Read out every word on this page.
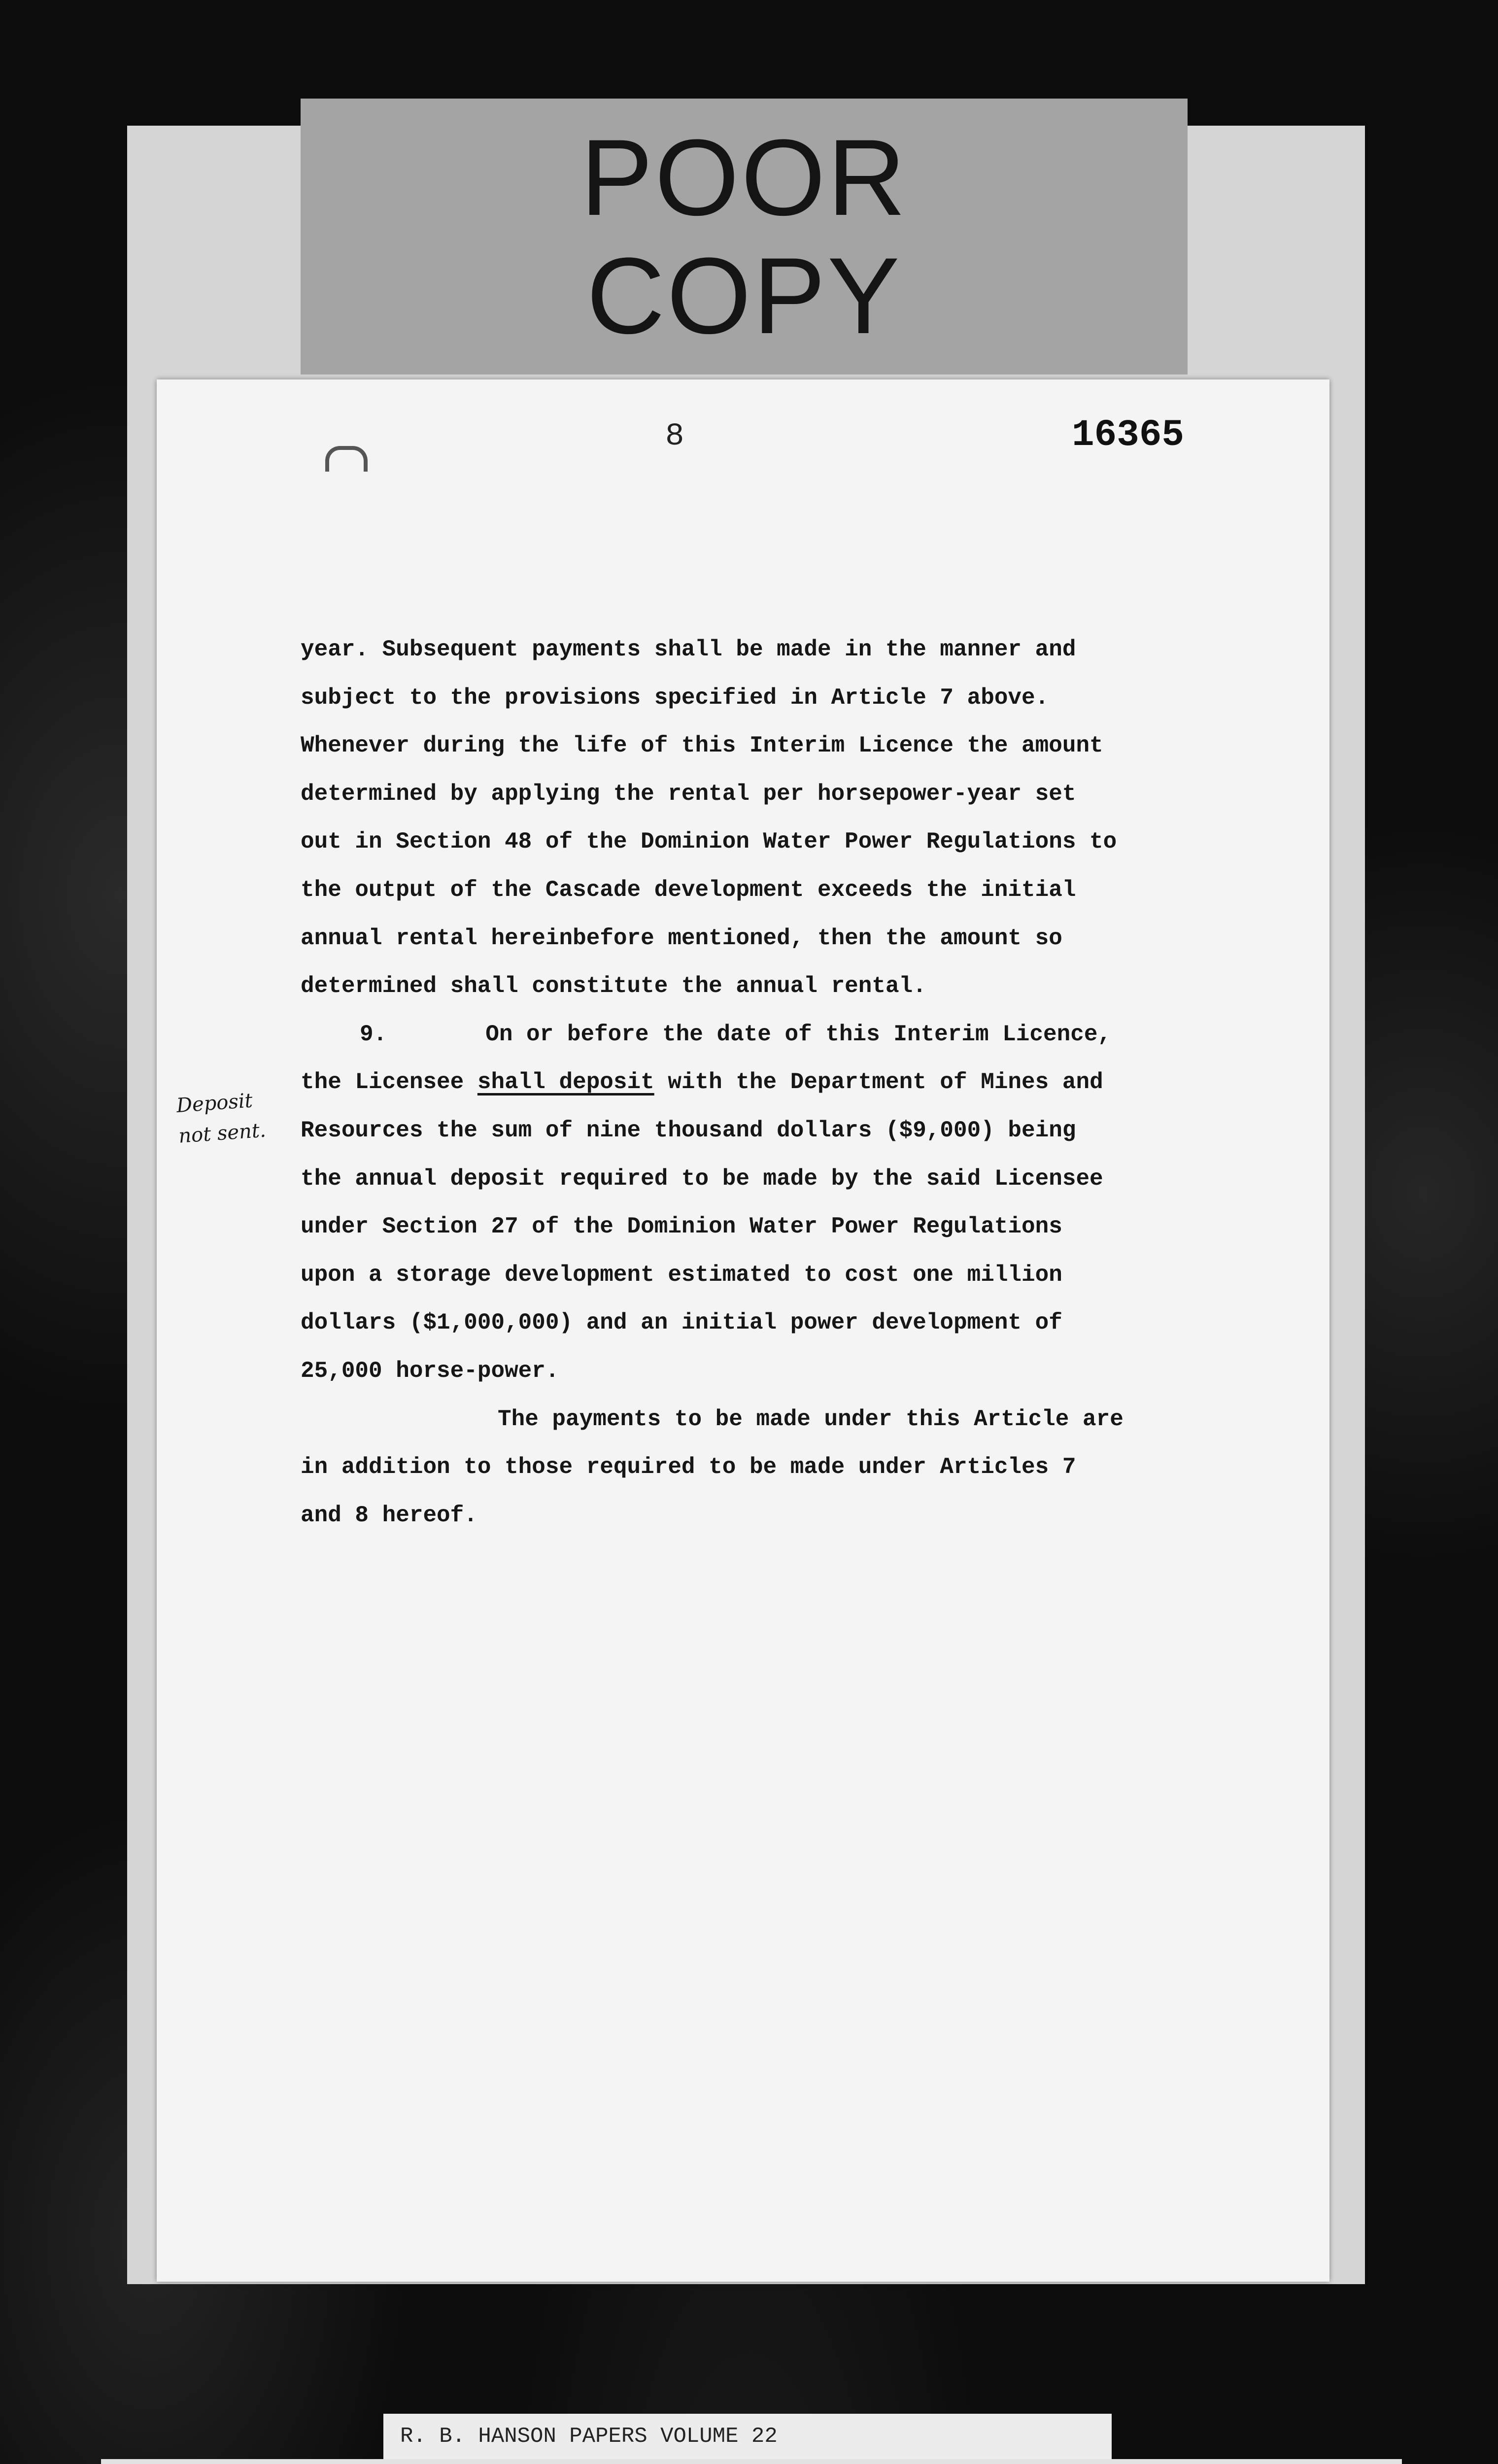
POOR
COPY
8	16365
Deposit
not sent.
year. Subsequent payments shall be made in the manner and
subject to the provisions specified in Article 7 above.
Whenever during the life of this Interim Licence the amount
determined by applying the rental per horsepower-year set
out in Section 48 of the Dominion Water Power Regulations to
the output of the Cascade development exceeds the initial
annual rental hereinbefore mentioned, then the amount so
determined shall constitute the annual rental.
9.	On or before the date of this Interim Licence,
the Licensee shall deposit with the Department of Mines and
Resources the sum of nine thousand dollars ($9,000) being
the annual deposit required to be made by the said Licensee
under Section 27 of the Dominion Water Power Regulations
upon a storage development estimated to cost one million
dollars ($1,000,000) and an initial power development of
25,000 horse-power.
The payments to be made under this Article are
in addition to those required to be made under Articles 7
and 8 hereof.
R. B. HANSON PAPERS VOLUME 22
